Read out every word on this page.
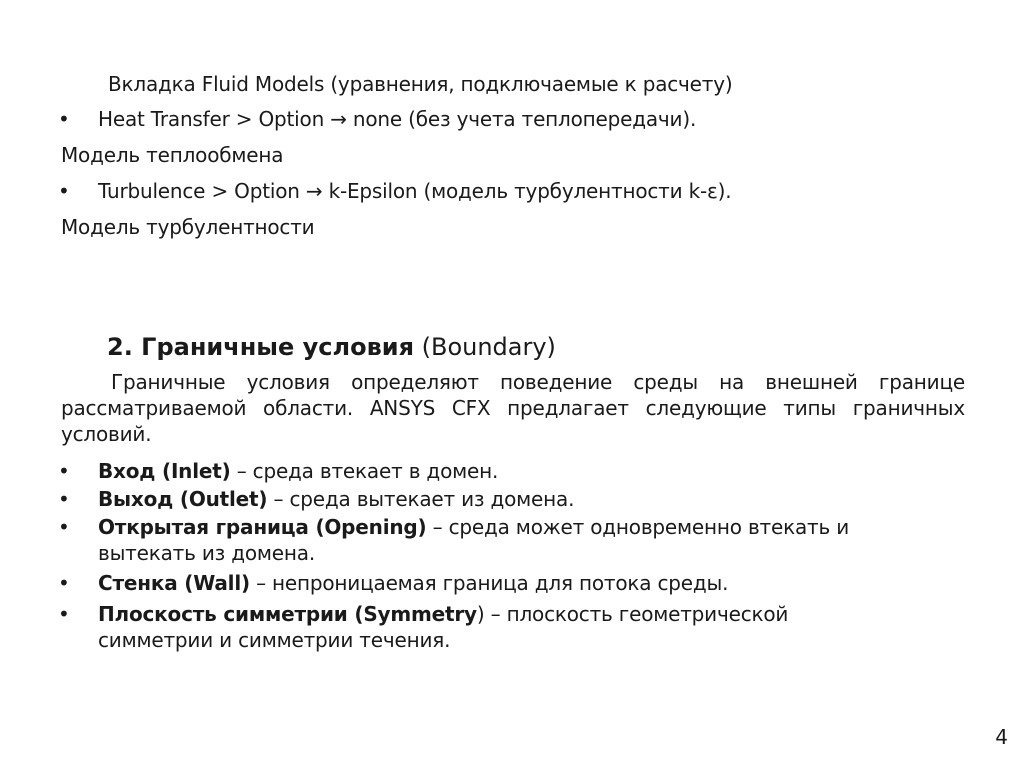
Вкладка Fluid Models (уравнения, подключаемые к расчету)
• Heat Transfer > Option → none (без учета теплопередачи).
Модель теплообмена
• Turbulence > Option → k-Epsilon (модель турбулентности k-ε).
Модель турбулентности
2. Граничные условия (Boundary)
Граничные условия определяют поведение среды на внешней границе рассматриваемой области. ANSYS CFX предлагает следующие типы граничных условий.
• Вход (Inlet) – среда втекает в домен.
• Выход (Outlet) – среда вытекает из домена.
• Открытая граница (Opening) – среда может одновременно втекать и вытекать из домена.
• Стенка (Wall) – непроницаемая граница для потока среды.
• Плоскость симметрии (Symmetry) – плоскость геометрической симметрии и симметрии течения.
4
